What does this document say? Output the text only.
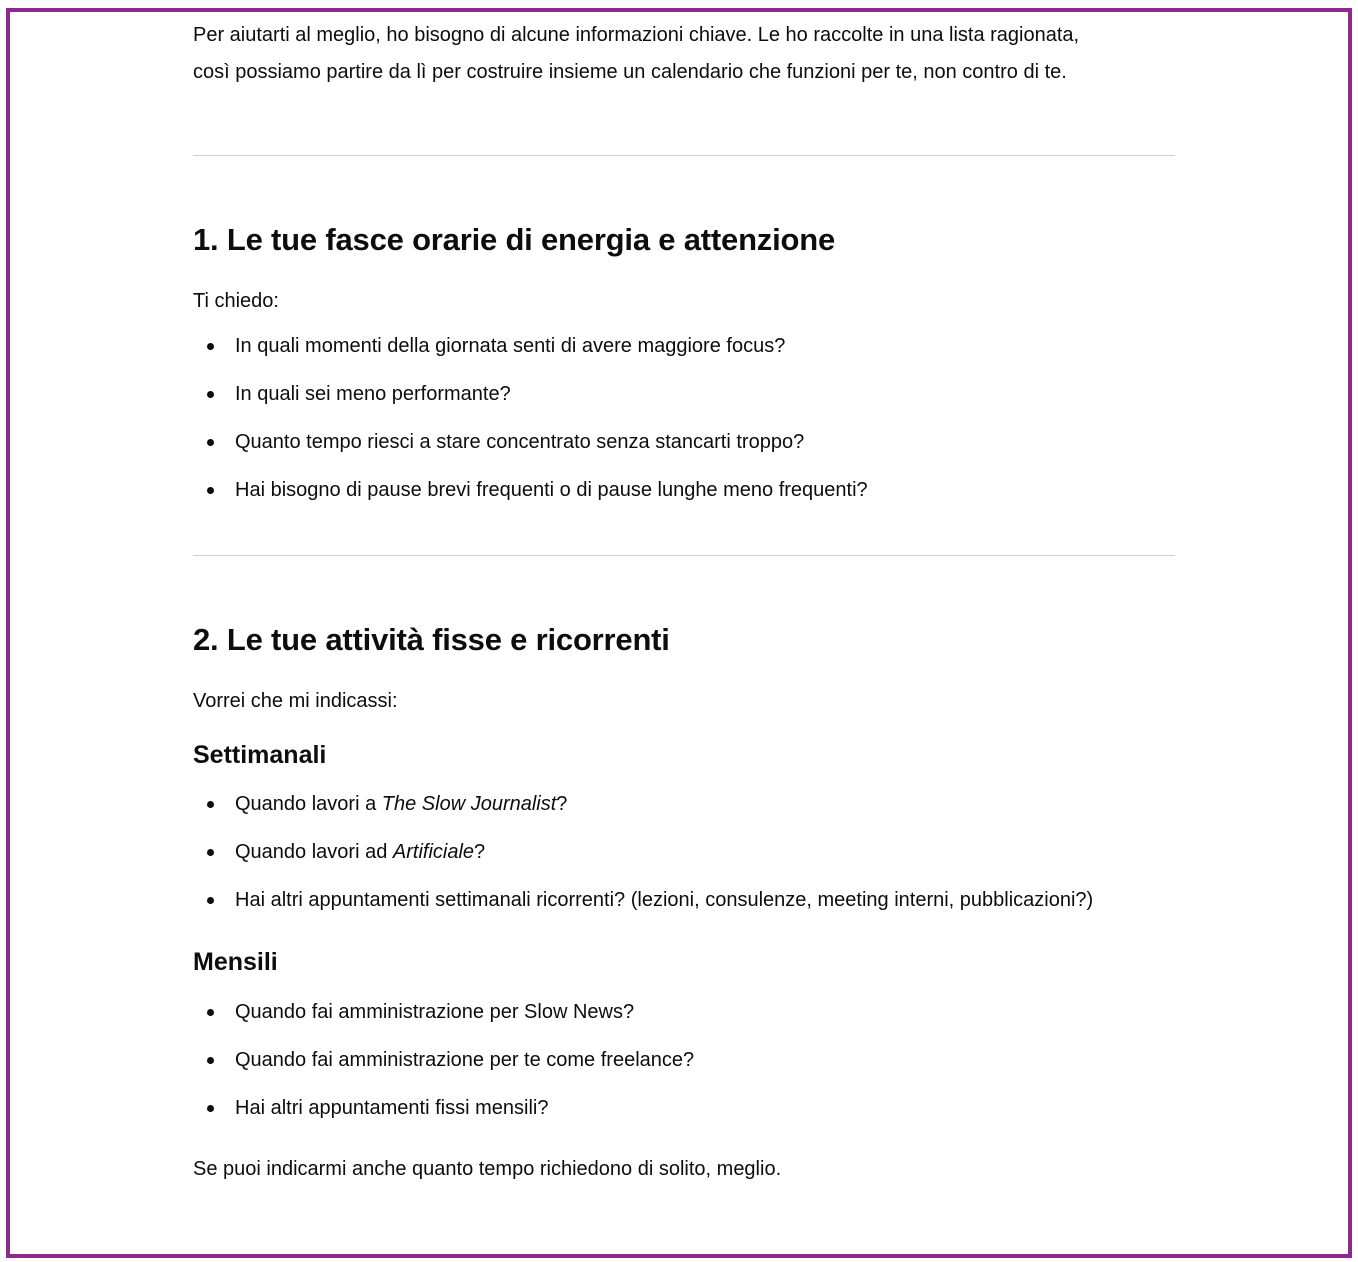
Per aiutarti al meglio, ho bisogno di alcune informazioni chiave. Le ho raccolte in una lista ragionata,
così possiamo partire da lì per costruire insieme un calendario che funzioni per te, non contro di te.

1. Le tue fasce orarie di energia e attenzione

Ti chiedo:

In quali momenti della giornata senti di avere maggiore focus?
In quali sei meno performante?
Quanto tempo riesci a stare concentrato senza stancarti troppo?
Hai bisogno di pause brevi frequenti o di pause lunghe meno frequenti?
2. Le tue attività fisse e ricorrenti

Vorrei che mi indicassi:

Settimanali
Quando lavori a The Slow Journalist?
Quando lavori ad Artificiale?
Hai altri appuntamenti settimanali ricorrenti? (lezioni, consulenze, meeting interni, pubblicazioni?)
Mensili
Quando fai amministrazione per Slow News?
Quando fai amministrazione per te come freelance?
Hai altri appuntamenti fissi mensili?

Se puoi indicarmi anche quanto tempo richiedono di solito, meglio.
